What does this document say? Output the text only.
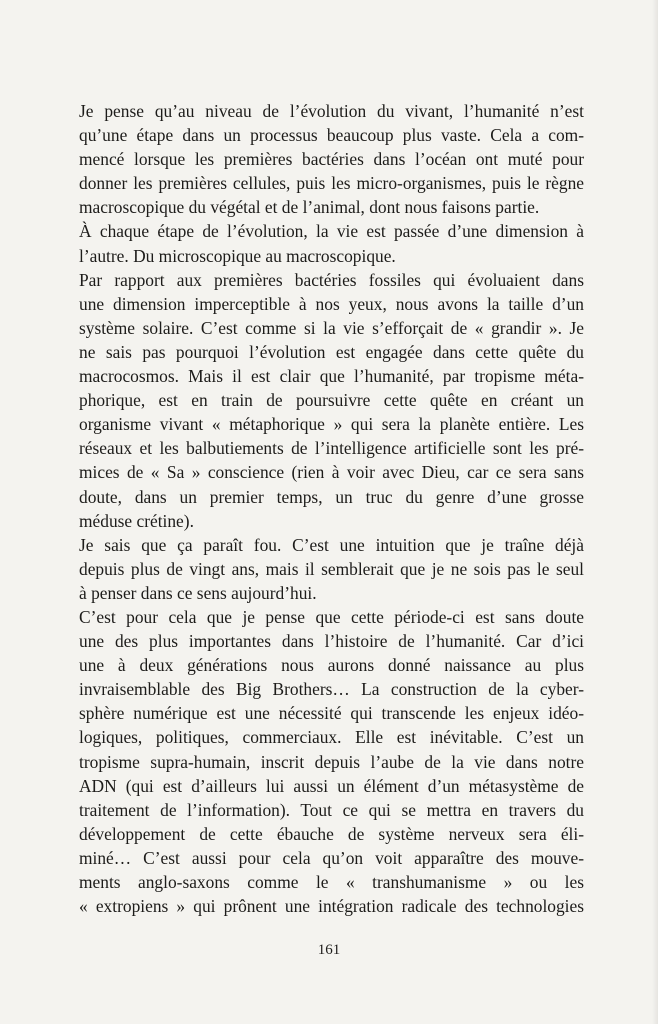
Je pense qu’au niveau de l’évolution du vivant, l’humanité n’est
qu’une étape dans un processus beaucoup plus vaste. Cela a com-
mencé lorsque les premières bactéries dans l’océan ont muté pour
donner les premières cellules, puis les micro-organismes, puis le règne
macroscopique du végétal et de l’animal, dont nous faisons partie.
À chaque étape de l’évolution, la vie est passée d’une dimension à
l’autre. Du microscopique au macroscopique.
Par rapport aux premières bactéries fossiles qui évoluaient dans
une dimension imperceptible à nos yeux, nous avons la taille d’un
système solaire. C’est comme si la vie s’efforçait de « grandir ». Je
ne sais pas pourquoi l’évolution est engagée dans cette quête du
macrocosmos. Mais il est clair que l’humanité, par tropisme méta-
phorique, est en train de poursuivre cette quête en créant un
organisme vivant « métaphorique » qui sera la planète entière. Les
réseaux et les balbutiements de l’intelligence artificielle sont les pré-
mices de « Sa » conscience (rien à voir avec Dieu, car ce sera sans
doute, dans un premier temps, un truc du genre d’une grosse
méduse crétine).
Je sais que ça paraît fou. C’est une intuition que je traîne déjà
depuis plus de vingt ans, mais il semblerait que je ne sois pas le seul
à penser dans ce sens aujourd’hui.
C’est pour cela que je pense que cette période-ci est sans doute
une des plus importantes dans l’histoire de l’humanité. Car d’ici
une à deux générations nous aurons donné naissance au plus
invraisemblable des Big Brothers… La construction de la cyber-
sphère numérique est une nécessité qui transcende les enjeux idéo-
logiques, politiques, commerciaux. Elle est inévitable. C’est un
tropisme supra-humain, inscrit depuis l’aube de la vie dans notre
ADN (qui est d’ailleurs lui aussi un élément d’un métasystème de
traitement de l’information). Tout ce qui se mettra en travers du
développement de cette ébauche de système nerveux sera éli-
miné… C’est aussi pour cela qu’on voit apparaître des mouve-
ments anglo-saxons comme le « transhumanisme » ou les
« extropiens » qui prônent une intégration radicale des technologies
161
